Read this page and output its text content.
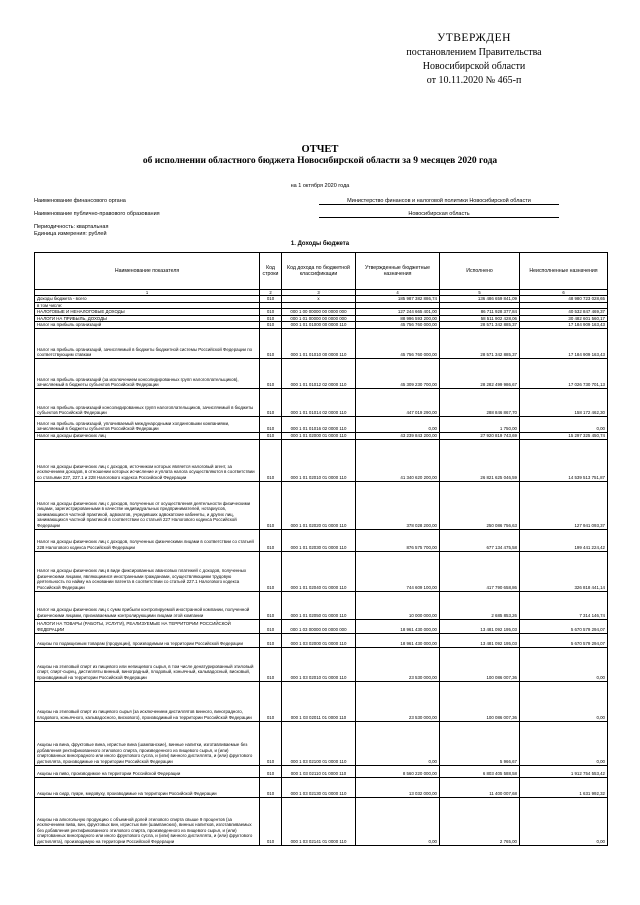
УТВЕРЖДЕН
постановлением Правительства
Новосибирской области
от 10.11.2020 № 465-п
ОТЧЕТ
об исполнении областного бюджета Новосибирской области за 9 месяцев 2020 года
на 1 октября 2020 года
Наименование финансового органа	Министерство финансов и налоговой политики Новосибирской области
Наименование публично-правового образования	Новосибирская область
Периодичность: квартальная
Единица измерения: рублей
1. Доходы бюджета
Наименование показателя	Код строки	Код дохода по бюджетной классификации	Утвержденные бюджетные назначения	Исполнено	Неисполненные назначения
1	2	3	4	5	6
Доходы бюджета - всего	010	x	185 987 382 886,74	136 486 659 841,09	48 980 723 028,65
в том числе:					
НАЛОГОВЫЕ И НЕНАЛОГОВЫЕ ДОХОДЫ	010	000 1 00 00000 00 0000 000	127 244 665 401,00	86 711 928 377,84	40 532 847 469,37
НАЛОГИ НА ПРИБЫЛЬ, ДОХОДЫ	010	000 1 01 00000 00 0000 000	88 996 593 200,00	58 511 902 428,06	30 482 601 560,17
Налог на прибыль организаций	010	000 1 01 01000 00 0000 110	45 756 760 000,00	28 571 342 885,37	17 184 909 163,43
Налог на прибыль организаций, зачисляемый в бюджеты бюджетной системы Российской Федерации по соответствующим ставкам	010	000 1 01 01010 00 0000 110	45 756 760 000,00	28 571 342 885,37	17 184 909 163,43
Налог на прибыль организаций (за исключением консолидированных групп налогоплательщиков), зачисляемый в бюджеты субъектов Российской Федерации	010	000 1 01 01012 02 0000 110	45 309 230 700,00	28 282 499 986,67	17 026 730 701,13
Налог на прибыль организаций консолидированных групп налогоплательщиков, зачисляемый в бюджеты субъектов Российской Федерации	010	000 1 01 01014 02 0000 110	447 019 290,00	288 846 867,70	158 172 462,30
Налог на прибыль организаций, уплачиваемый международными холдинговыми компаниями, зачисляемый в бюджеты субъектов Российской Федерации	010	000 1 01 01016 02 0000 110	0,00	1 750,00	0,00
Налог на доходы физических лиц	010	000 1 01 02000 01 0000 110	43 239 843 200,00	27 920 819 743,69	15 297 325 450,74
Налог на доходы физических лиц с доходов, источником которых является налоговый агент, за исключением доходов, в отношении которых исчисление и уплата налога осуществляются в соответствии со статьями 227, 227.1 и 228 Налогового кодекса Российской Федерации	010	000 1 01 02010 01 0000 110	41 340 620 200,00	26 821 625 046,59	14 539 513 751,87
Налог на доходы физических лиц с доходов, полученных от осуществления деятельности физическими лицами, зарегистрированными в качестве индивидуальных предпринимателей, нотариусов, занимающихся частной практикой, адвокатов, учредивших адвокатские кабинеты, и других лиц, занимающихся частной практикой в соответствии со статьей 227 Налогового кодекса Российской Федерации	010	000 1 01 02020 01 0000 110	378 028 200,00	250 086 756,63	127 941 093,37
Налог на доходы физических лиц с доходов, полученных физическими лицами в соответствии со статьей 228 Налогового кодекса Российской Федерации	010	000 1 01 02030 01 0000 110	876 575 700,00	677 134 475,58	199 441 224,42
Налог на доходы физических лиц в виде фиксированных авансовых платежей с доходов, полученных физическими лицами, являющимися иностранными гражданами, осуществляющими трудовую деятельность по найму на основании патента в соответствии со статьей 227.1 Налогового кодекса Российской Федерации	010	000 1 01 02040 01 0000 110	744 609 100,00	417 790 658,86	326 818 441,14
Налог на доходы физических лиц с сумм прибыли контролируемой иностранной компании, полученной физическими лицами, признаваемыми контролирующими лицами этой компании	010	000 1 01 02050 01 0000 110	10 000 000,00	2 685 853,26	7 314 146,74
НАЛОГИ НА ТОВАРЫ (РАБОТЫ, УСЛУГИ), РЕАЛИЗУЕМЫЕ НА ТЕРРИТОРИИ РОССИЙСКОЙ ФЕДЕРАЦИИ	010	000 1 03 00000 00 0000 000	18 961 430 000,00	13 481 092 195,03	5 670 579 294,07
Акцизы по подакцизным товарам (продукции), производимым на территории Российской Федерации	010	000 1 03 02000 01 0000 110	18 961 430 000,00	13 481 092 195,03	5 670 579 294,07
Акцизы на этиловый спирт из пищевого или непищевого сырья, в том числе денатурированный этиловый спирт, спирт-сырец, дистилляты винный, виноградный, плодовый, коньячный, кальвадосный, висковый, производимый на территории Российской Федерации	010	000 1 03 02010 01 0000 110	23 530 000,00	100 086 007,36	0,00
Акцизы на этиловый спирт из пищевого сырья (за исключением дистиллятов винного, виноградного, плодового, коньячного, кальвадосного, вискового), производимый на территории Российской Федерации	010	000 1 03 02011 01 0000 110	23 530 000,00	100 086 007,36	0,00
Акцизы на вина, фруктовые вина, игристые вина (шампанские), винные напитки, изготавливаемые без добавления ректификованного этилового спирта, произведенного из пищевого сырья, и (или) спиртованных виноградного или иного фруктового сусла, и (или) винного дистиллята, и (или) фруктового дистиллята, производимые на территории Российской Федерации	010	000 1 03 02100 01 0000 110	0,00	5 966,67	0,00
Акцизы на пиво, производимое на территории Российской Федерации	010	000 1 03 02110 01 0000 110	8 560 220 000,00	6 803 405 588,58	1 912 754 553,42
Акцизы на сидр, пуаре, медовуху, производимые на территории Российской Федерации	010	000 1 03 02130 01 0000 110	13 032 000,00	11 400 007,68	1 631 992,32
Акцизы на алкогольную продукцию с объемной долей этилового спирта свыше 9 процентов (за исключением пива, вин, фруктовых вин, игристых вин (шампанских), винных напитков, изготавливаемых без добавления ректификованного этилового спирта, произведенного из пищевого сырья, и (или) спиртованных виноградного или иного фруктового сусла, и (или) винного дистиллята, и (или) фруктового дистиллята), производимую на территории Российской Федерации	010	000 1 03 02141 01 0000 110	0,00	2 765,00	0,00
